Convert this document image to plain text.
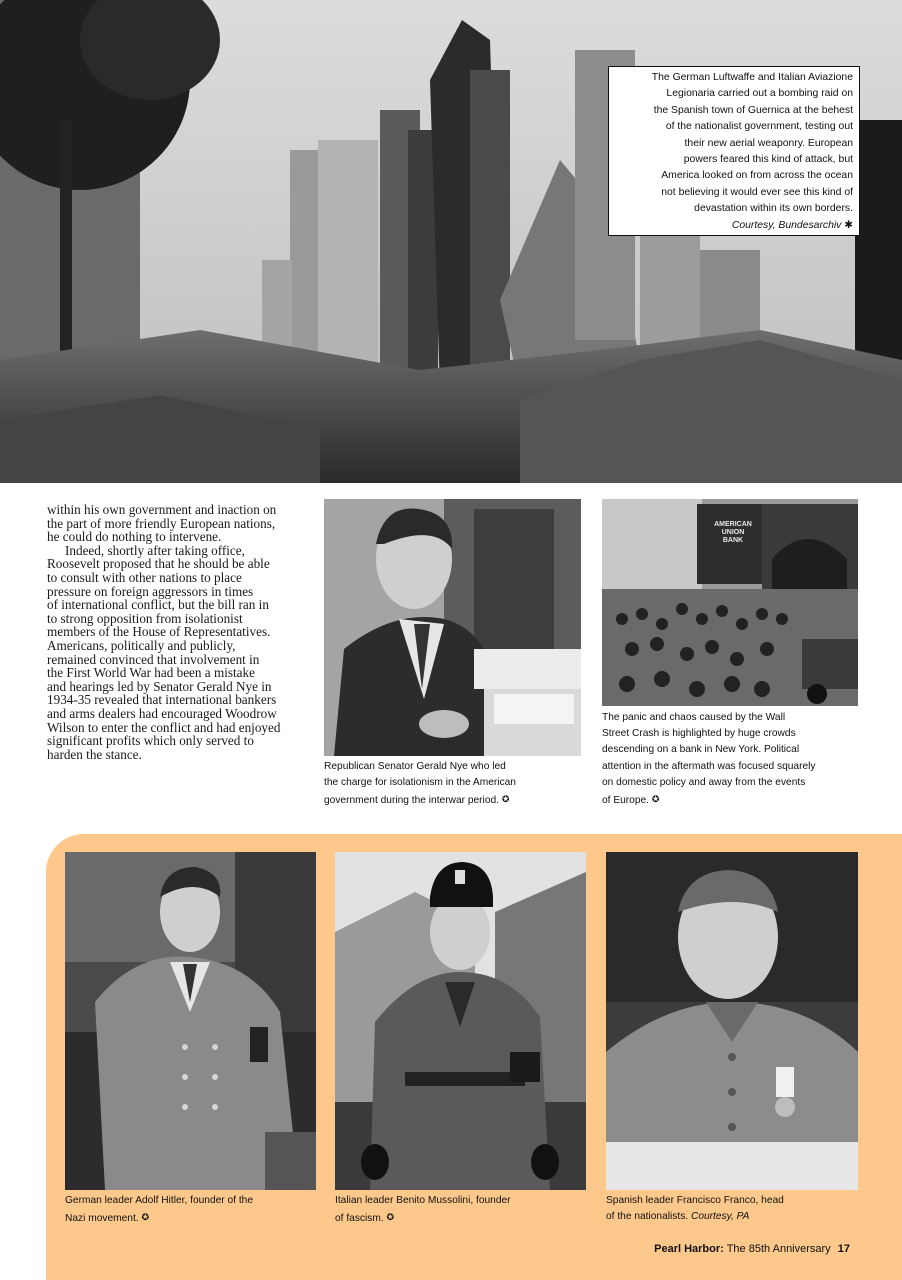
The German Luftwaffe and Italian Aviazione
Legionaria carried out a bombing raid on
the Spanish town of Guernica at the behest
of the nationalist government, testing out
their new aerial weaponry. European
powers feared this kind of attack, but
America looked on from across the ocean
not believing it would ever see this kind of
devastation within its own borders.
Courtesy, Bundesarchiv ✱

within his own government and inaction on
the part of more friendly European nations,
he could do nothing to intervene.

Indeed, shortly after taking office,
Roosevelt proposed that he should be able
to consult with other nations to place
pressure on foreign aggressors in times
of international conflict, but the bill ran in
to strong opposition from isolationist
members of the House of Representatives.
Americans, politically and publicly,
remained convinced that involvement in
the First World War had been a mistake
and hearings led by Senator Gerald Nye in
1934-35 revealed that international bankers
and arms dealers had encouraged Woodrow
Wilson to enter the conflict and had enjoyed
significant profits which only served to
harden the stance.

Republican Senator Gerald Nye who led
the charge for isolationism in the American
government during the interwar period. ✪
AMERICAN
UNION
BANK
The panic and chaos caused by the Wall
Street Crash is highlighted by huge crowds
descending on a bank in New York. Political
attention in the aftermath was focused squarely
on domestic policy and away from the events
of Europe. ✪
German leader Adolf Hitler, founder of the
Nazi movement. ✪
Italian leader Benito Mussolini, founder
of fascism. ✪
Spanish leader Francisco Franco, head
of the nationalists. Courtesy, PA
Pearl Harbor: The 85th Anniversary 17
